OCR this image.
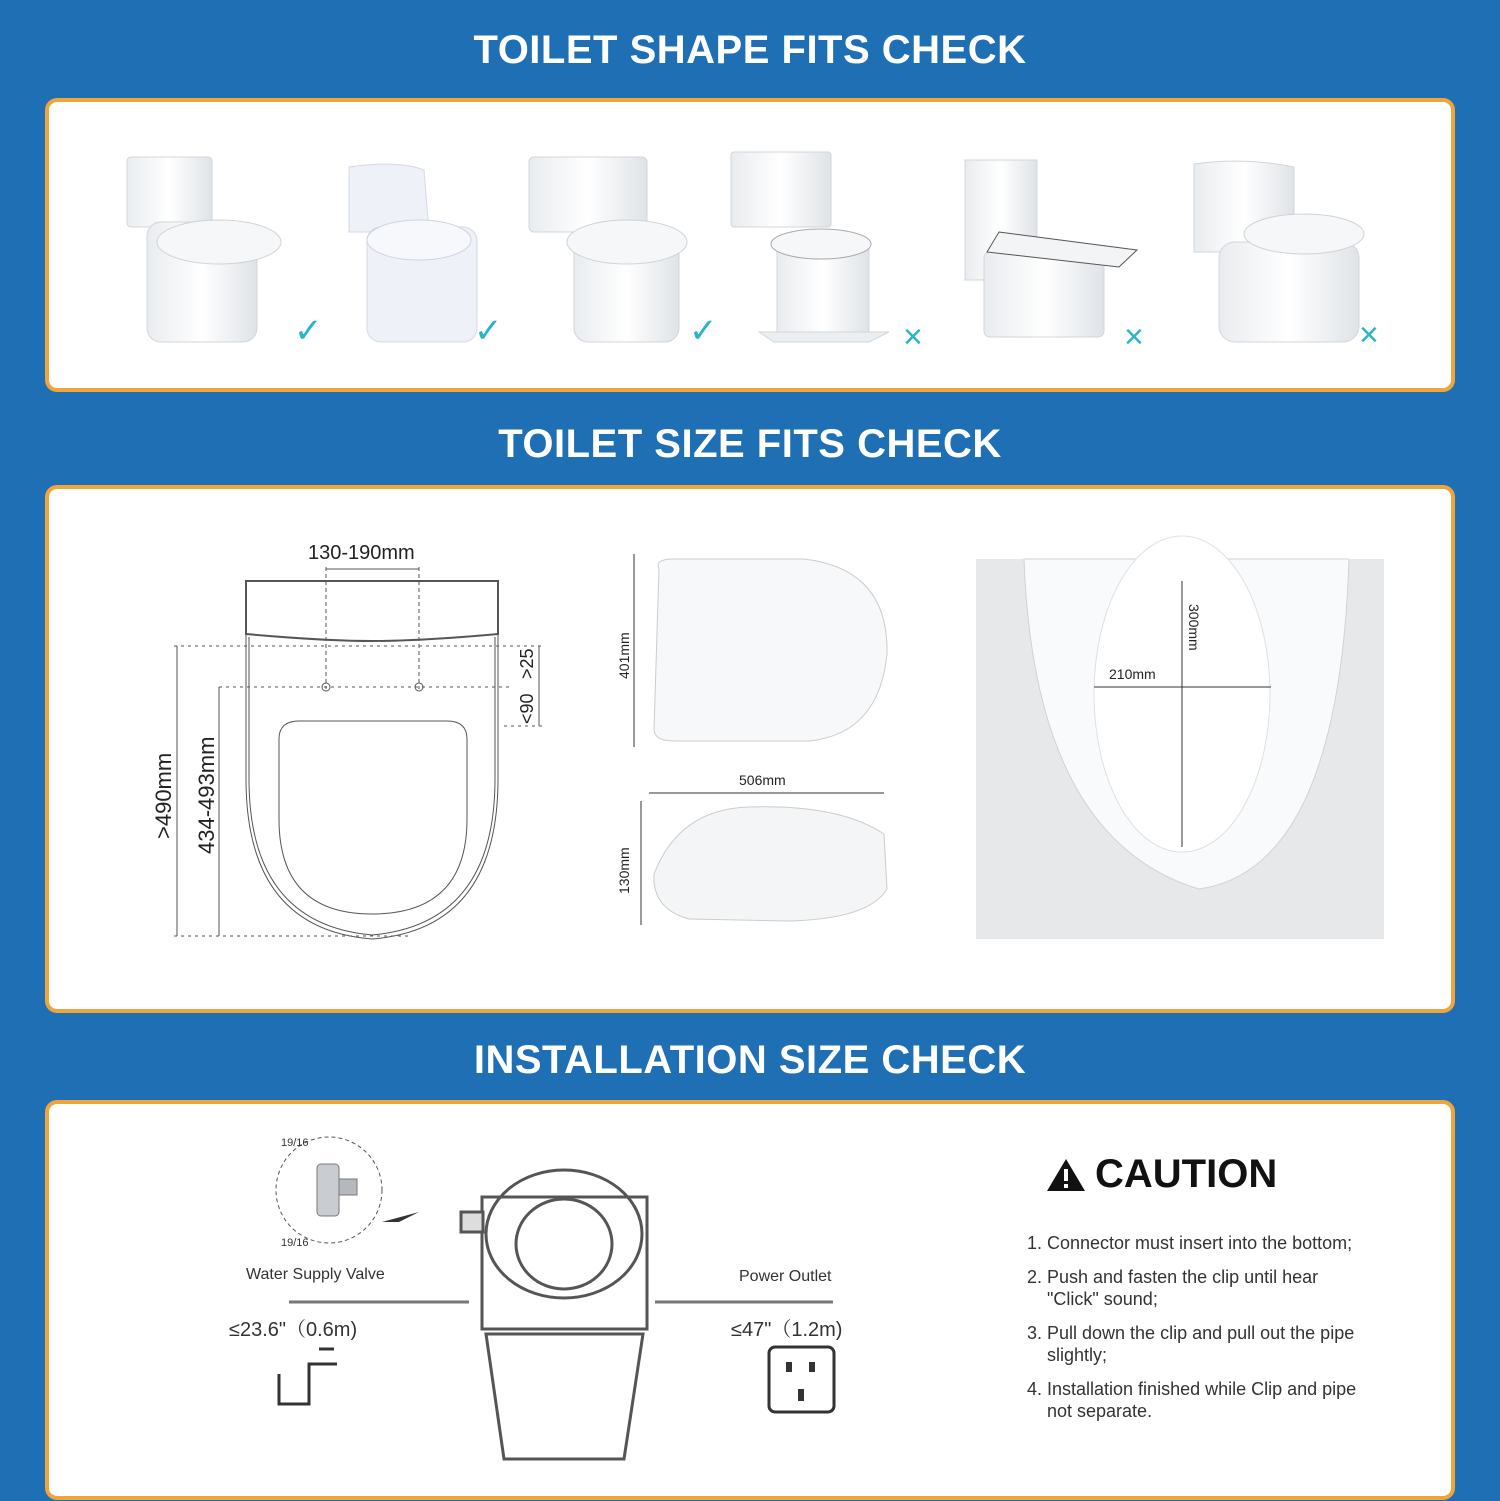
TOILET SHAPE FITS CHECK
TOILET SIZE FITS CHECK
INSTALLATION SIZE CHECK
✓	✓	✓	×	×	×
130-190mm
>490mm 434-493mm
>25
<90
401mm
506mm
130mm
300mm
210mm
19/16
19/16
Water Supply Valve
≤23.6"（0.6m)
Power Outlet
≤47"（1.2m)
CAUTION
1. Connector must insert into the bottom;
2. Push and fasten the clip until hear "Click" sound;
3. Pull down the clip and pull out the pipe slightly;
4. Installation finished while Clip and pipe not separate.
